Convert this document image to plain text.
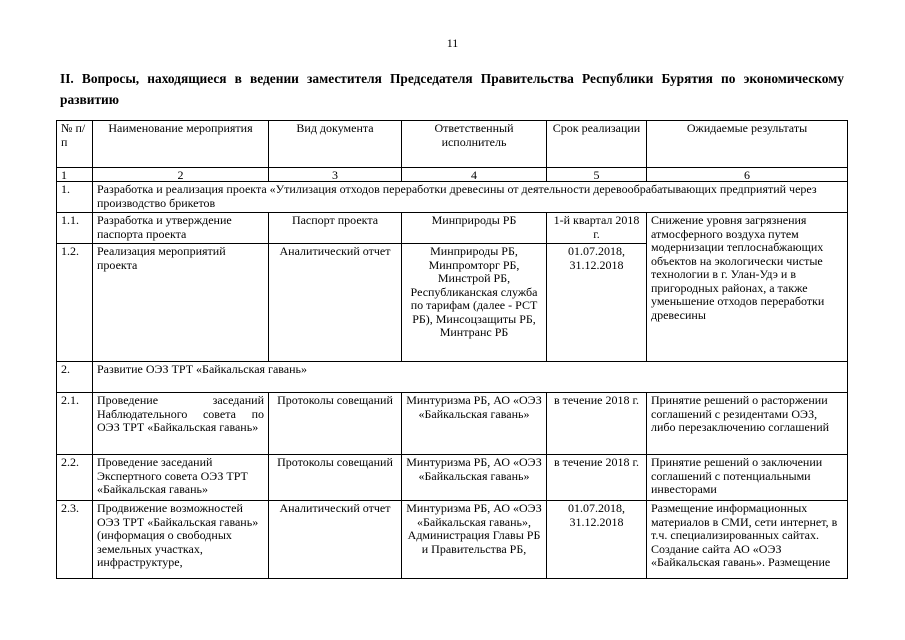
11
II. Вопросы, находящиеся в ведении заместителя Председателя Правительства Республики Бурятия по экономическому развитию
№ п/п	Наименование мероприятия	Вид документа	Ответственный исполнитель	Срок реализации	Ожидаемые результаты
1	2	3	4	5	6
1.	Разработка и реализация проекта «Утилизация отходов переработки древесины от деятельности деревообрабатывающих предприятий через производство брикетов				
1.1.	Разработка и утверждение паспорта проекта	Паспорт проекта	Минприроды РБ	1-й квартал 2018 г.	Снижение уровня загрязнения атмосферного воздуха путем модернизации теплоснабжающих объектов на экологически чистые технологии в г. Улан-Удэ и в пригородных районах, а также уменьшение отходов переработки древесины
1.2.	Реализация мероприятий проекта	Аналитический отчет	Минприроды РБ, Минпромторг РБ, Минстрой РБ, Республиканская служба по тарифам (далее - РСТ РБ), Минсоцзащиты РБ, Минтранс РБ	01.07.2018, 31.12.2018	
2.	Развитие ОЭЗ ТРТ «Байкальская гавань»				
2.1.	Проведение заседаний Наблюдательного совета по ОЭЗ ТРТ «Байкальская гавань»	Протоколы совещаний	Минтуризма РБ, АО «ОЭЗ «Байкальская гавань»	в течение 2018 г.	Принятие решений о расторжении соглашений с резидентами ОЭЗ, либо перезаключению соглашений
2.2.	Проведение заседаний Экспертного совета ОЭЗ ТРТ «Байкальская гавань»	Протоколы совещаний	Минтуризма РБ, АО «ОЭЗ «Байкальская гавань»	в течение 2018 г.	Принятие решений о заключении соглашений с потенциальными инвесторами
2.3.	Продвижение возможностей ОЭЗ ТРТ «Байкальская гавань» (информация о свободных земельных участках, инфраструктуре,	Аналитический отчет	Минтуризма РБ, АО «ОЭЗ «Байкальская гавань», Администрация Главы РБ и Правительства РБ,	01.07.2018, 31.12.2018	Размещение информационных материалов в СМИ, сети интернет, в т.ч. специализированных сайтах. Создание сайта АО «ОЭЗ «Байкальская гавань». Размещение
